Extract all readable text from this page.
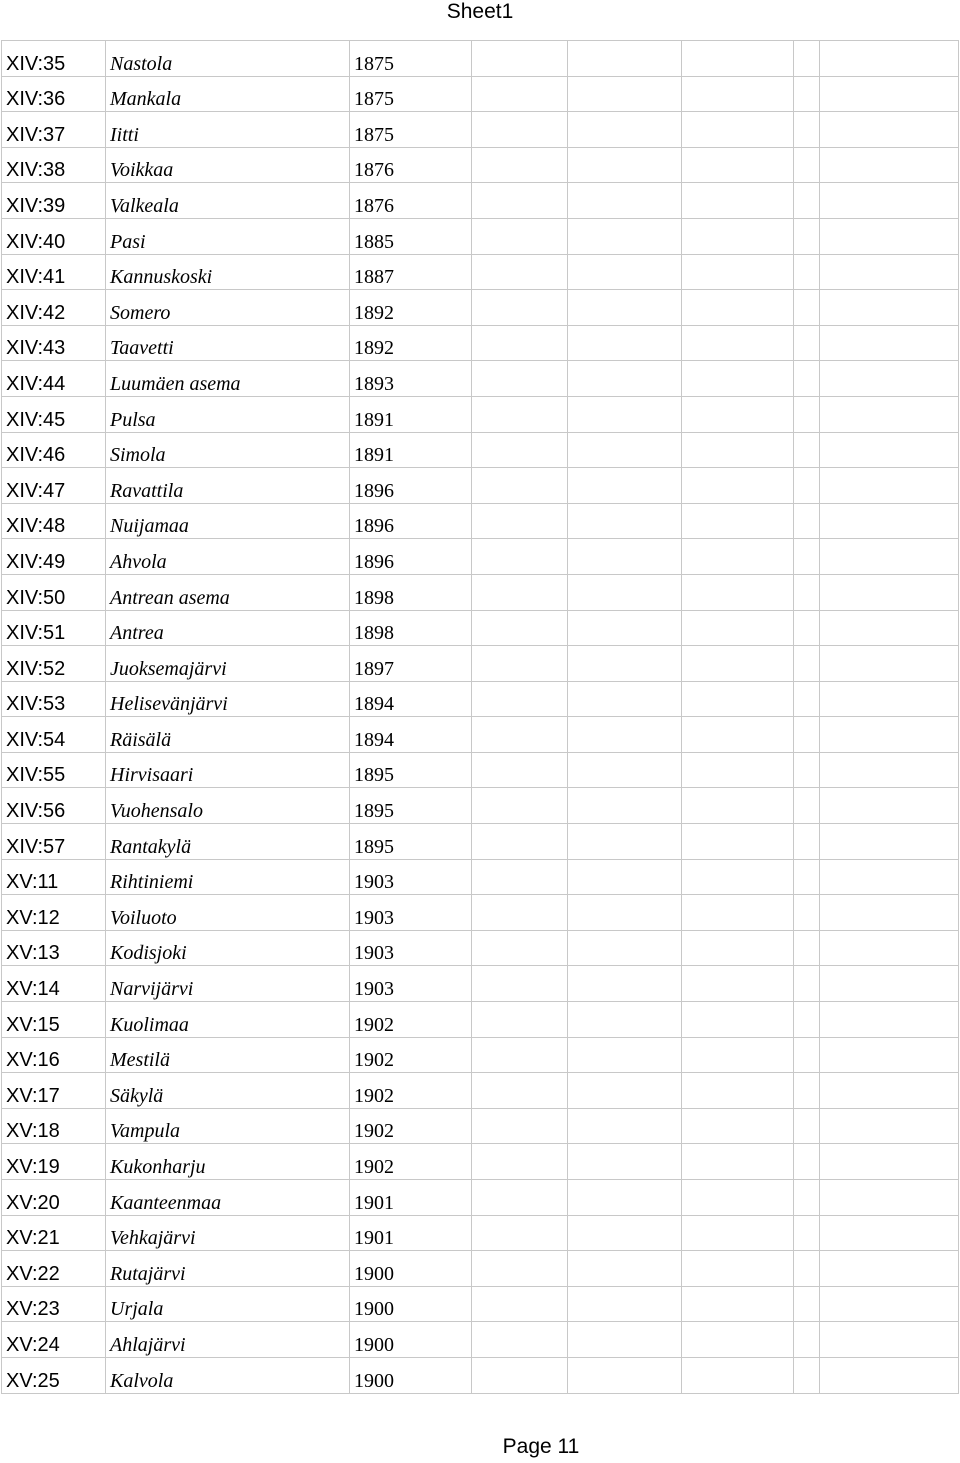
Sheet1
XIV:35	Nastola	1875					
XIV:36	Mankala	1875					
XIV:37	Iitti	1875					
XIV:38	Voikkaa	1876					
XIV:39	Valkeala	1876					
XIV:40	Pasi	1885					
XIV:41	Kannuskoski	1887					
XIV:42	Somero	1892					
XIV:43	Taavetti	1892					
XIV:44	Luumäen asema	1893					
XIV:45	Pulsa	1891					
XIV:46	Simola	1891					
XIV:47	Ravattila	1896					
XIV:48	Nuijamaa	1896					
XIV:49	Ahvola	1896					
XIV:50	Antrean asema	1898					
XIV:51	Antrea	1898					
XIV:52	Juoksemajärvi	1897					
XIV:53	Helisevänjärvi	1894					
XIV:54	Räisälä	1894					
XIV:55	Hirvisaari	1895					
XIV:56	Vuohensalo	1895					
XIV:57	Rantakylä	1895					
XV:11	Rihtiniemi	1903					
XV:12	Voiluoto	1903					
XV:13	Kodisjoki	1903					
XV:14	Narvijärvi	1903					
XV:15	Kuolimaa	1902					
XV:16	Mestilä	1902					
XV:17	Säkylä	1902					
XV:18	Vampula	1902					
XV:19	Kukonharju	1902					
XV:20	Kaanteenmaa	1901					
XV:21	Vehkajärvi	1901					
XV:22	Rutajärvi	1900					
XV:23	Urjala	1900					
XV:24	Ahlajärvi	1900					
XV:25	Kalvola	1900					
Page 11
